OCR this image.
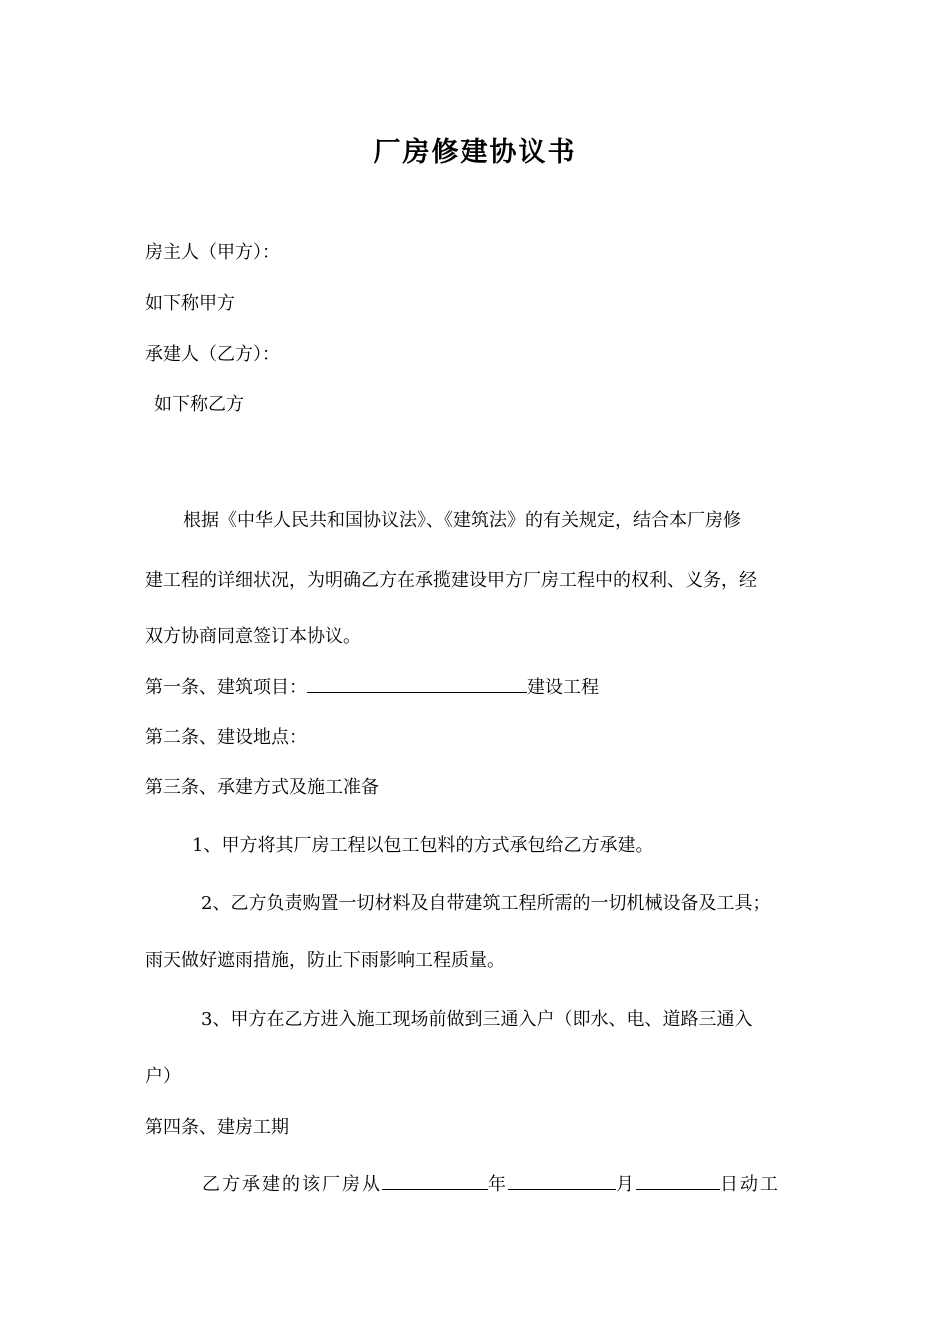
厂房修建协议书
房主人（甲方）：
如下称甲方
承建人（乙方）：
如下称乙方
根据《中华人民共和国协议法》、《建筑法》的有关规定，结合本厂房修
建工程的详细状况，为明确乙方在承揽建设甲方厂房工程中的权利、义务，经
双方协商同意签订本协议。
第一条、建筑项目：	建设工程
第二条、建设地点：
第三条、承建方式及施工准备
1、甲方将其厂房工程以包工包料的方式承包给乙方承建。
2、乙方负责购置一切材料及自带建筑工程所需的一切机械设备及工具；
雨天做好遮雨措施，防止下雨影响工程质量。
3、甲方在乙方进入施工现场前做到三通入户（即水、电、道路三通入
户）
第四条、建房工期
乙方承建的该厂房从	年	月	日动工
